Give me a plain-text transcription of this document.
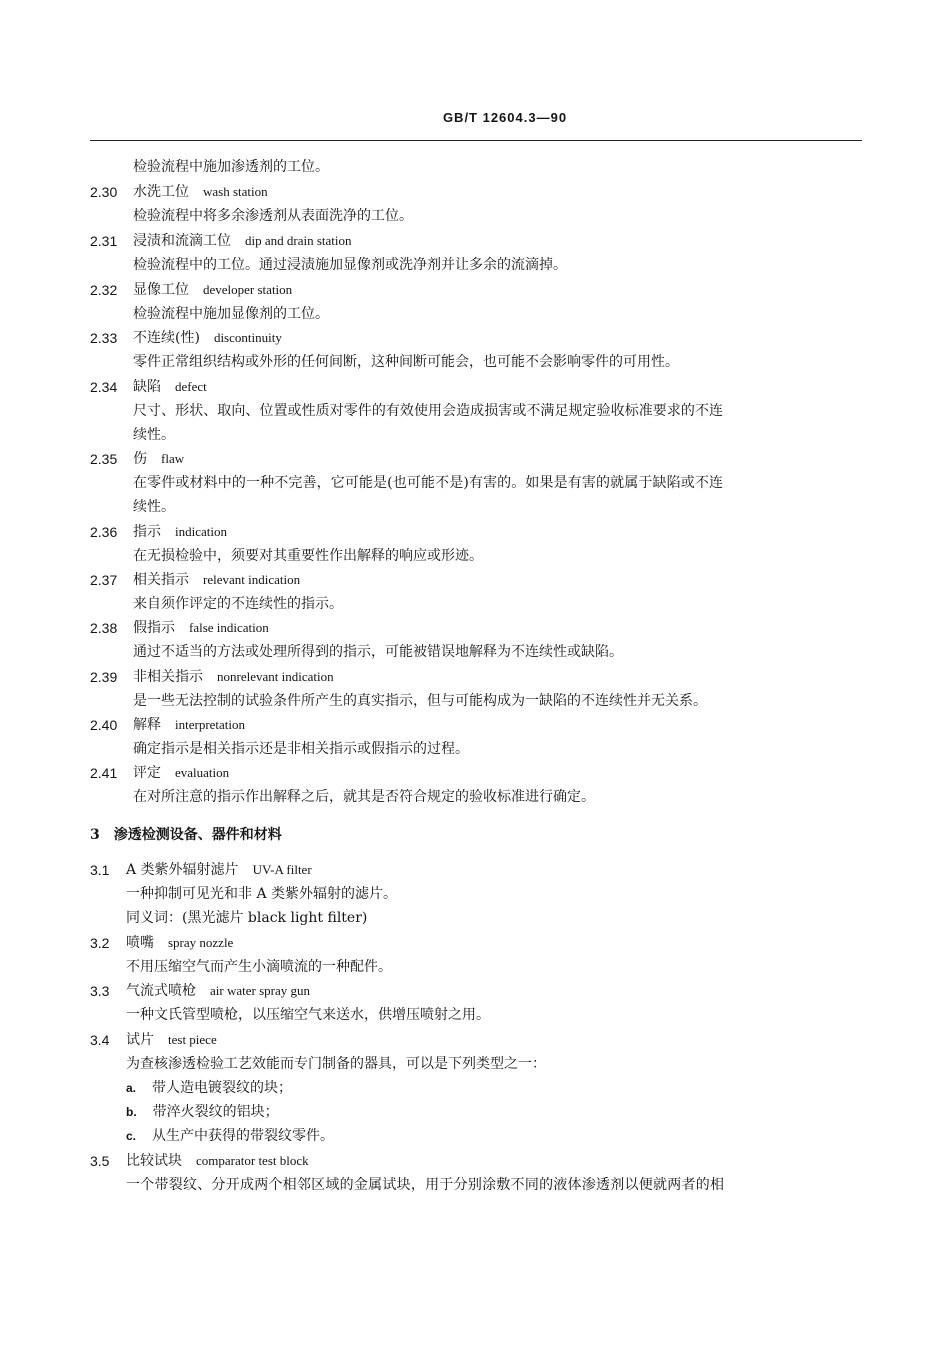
GB/T 12604.3—90
检验流程中施加渗透剂的工位。
2.30 水洗工位 wash station
检验流程中将多余渗透剂从表面洗净的工位。
2.31 浸渍和流滴工位 dip and drain station
检验流程中的工位。通过浸渍施加显像剂或洗净剂并让多余的流滴掉。
2.32 显像工位 developer station
检验流程中施加显像剂的工位。
2.33 不连续(性) discontinuity
零件正常组织结构或外形的任何间断，这种间断可能会，也可能不会影响零件的可用性。
2.34 缺陷 defect
尺寸、形状、取向、位置或性质对零件的有效使用会造成损害或不满足规定验收标准要求的不连
续性。
2.35 伤 flaw
在零件或材料中的一种不完善，它可能是(也可能不是)有害的。如果是有害的就属于缺陷或不连
续性。
2.36 指示 indication
在无损检验中，须要对其重要性作出解释的响应或形迹。
2.37 相关指示 relevant indication
来自须作评定的不连续性的指示。
2.38 假指示 false indication
通过不适当的方法或处理所得到的指示，可能被错误地解释为不连续性或缺陷。
2.39 非相关指示 nonrelevant indication
是一些无法控制的试验条件所产生的真实指示，但与可能构成为一缺陷的不连续性并无关系。
2.40 解释 interpretation
确定指示是相关指示还是非相关指示或假指示的过程。
2.41 评定 evaluation
在对所注意的指示作出解释之后，就其是否符合规定的验收标准进行确定。
3 渗透检测设备、器件和材料
3.1 A 类紫外辐射滤片 UV-A filter
一种抑制可见光和非 A 类紫外辐射的滤片。
同义词：(黑光滤片 black light filter)
3.2 喷嘴 spray nozzle
不用压缩空气而产生小滴喷流的一种配件。
3.3 气流式喷枪 air water spray gun
一种文氏管型喷枪，以压缩空气来送水，供增压喷射之用。
3.4 试片 test piece
为查核渗透检验工艺效能而专门制备的器具，可以是下列类型之一：
a. 带人造电镀裂纹的块；
b. 带淬火裂纹的铝块；
c. 从生产中获得的带裂纹零件。
3.5 比较试块 comparator test block
一个带裂纹、分开成两个相邻区域的金属试块，用于分别涂敷不同的液体渗透剂以便就两者的相
